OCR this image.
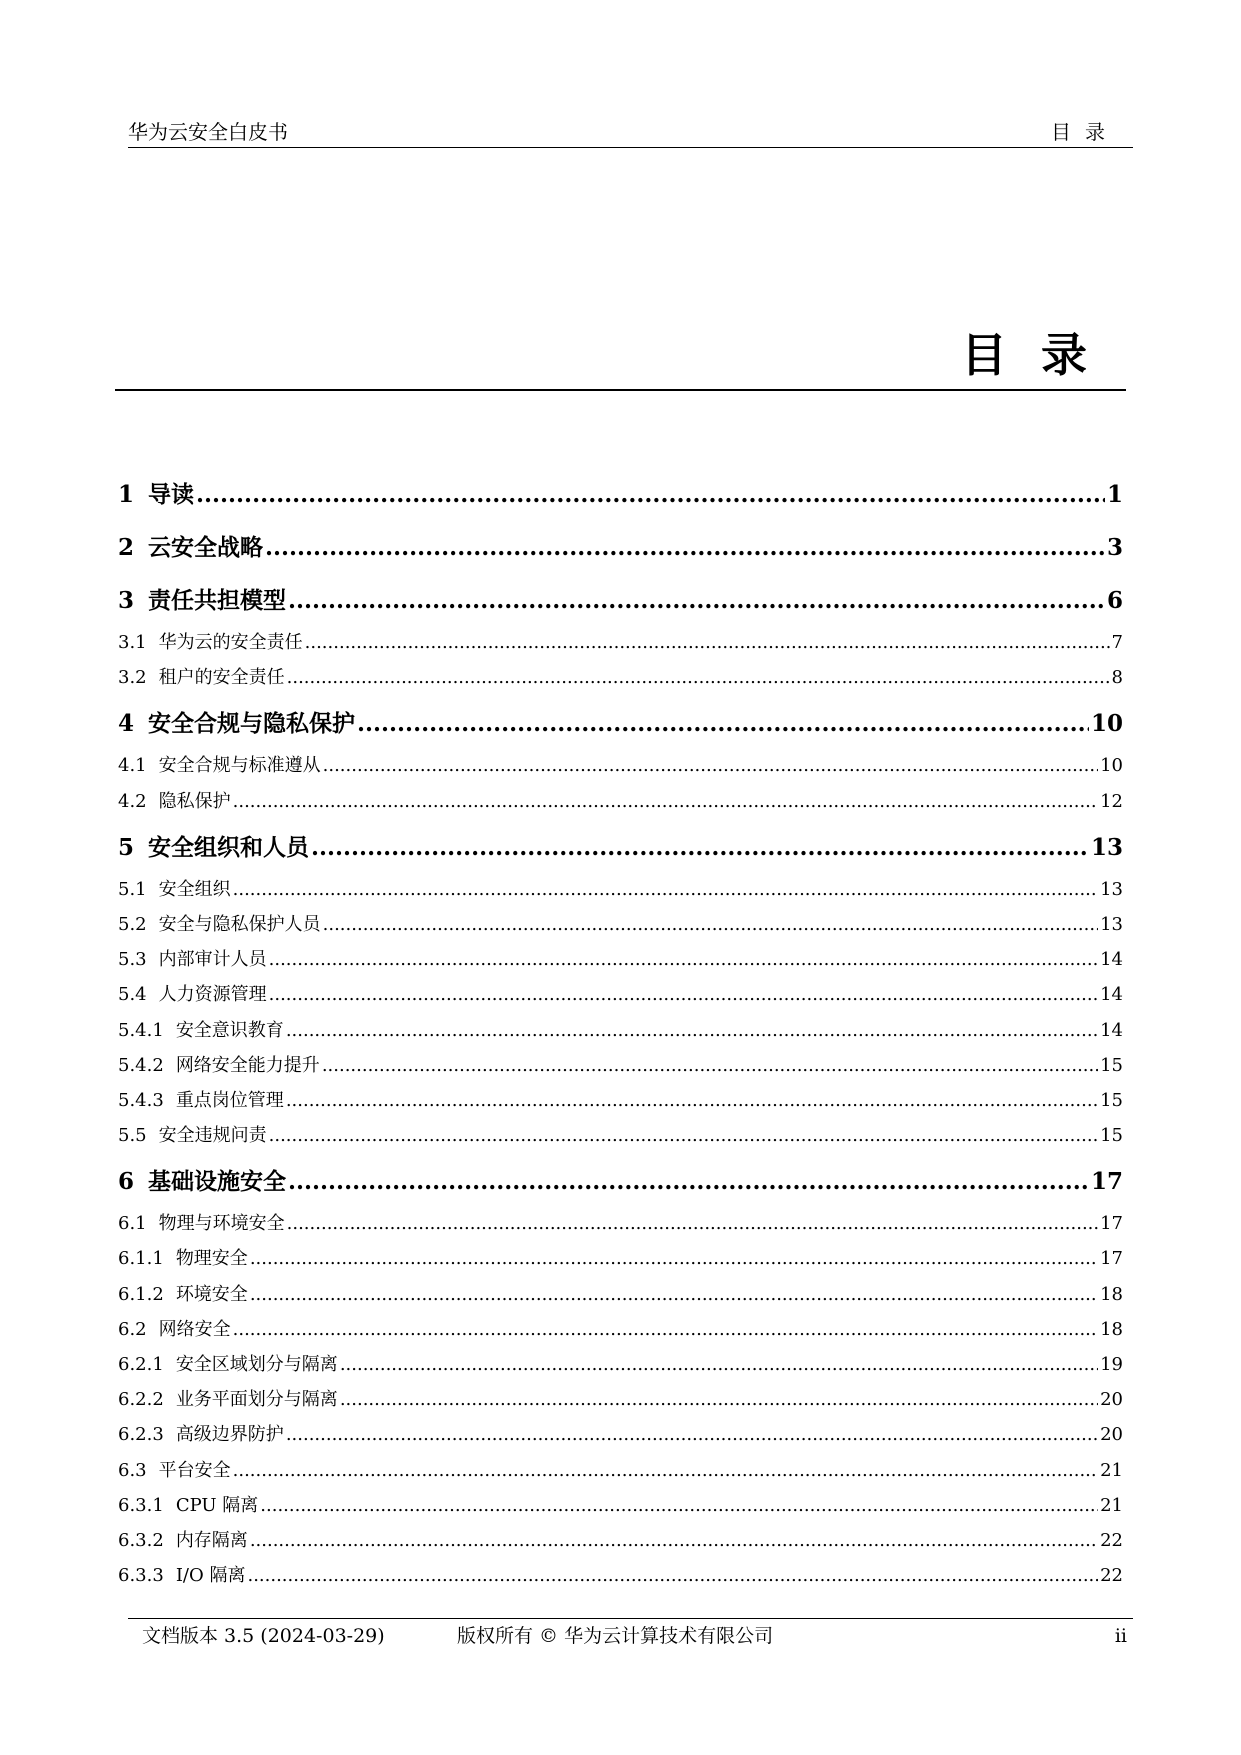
华为云安全白皮书	目录
目录
1 导读 .....	1
2 云安全战略 .....	3
3 责任共担模型 .....	6
3.1 华为云的安全责任 .....	7
3.2 租户的安全责任 .....	8
4 安全合规与隐私保护 .....	10
4.1 安全合规与标准遵从 .....	10
4.2 隐私保护 .....	12
5 安全组织和人员 .....	13
5.1 安全组织 .....	13
5.2 安全与隐私保护人员 .....	13
5.3 内部审计人员 .....	14
5.4 人力资源管理 .....	14
5.4.1 安全意识教育 .....	14
5.4.2 网络安全能力提升 .....	15
5.4.3 重点岗位管理 .....	15
5.5 安全违规问责 .....	15
6 基础设施安全 .....	17
6.1 物理与环境安全 .....	17
6.1.1 物理安全 .....	17
6.1.2 环境安全 .....	18
6.2 网络安全 .....	18
6.2.1 安全区域划分与隔离 .....	19
6.2.2 业务平面划分与隔离 .....	20
6.2.3 高级边界防护 .....	20
6.3 平台安全 .....	21
6.3.1 CPU 隔离 .....	21
6.3.2 内存隔离 .....	22
6.3.3 I/O 隔离 .....	22
文档版本 3.5 (2024-03-29)	版权所有 © 华为云计算技术有限公司	ii
